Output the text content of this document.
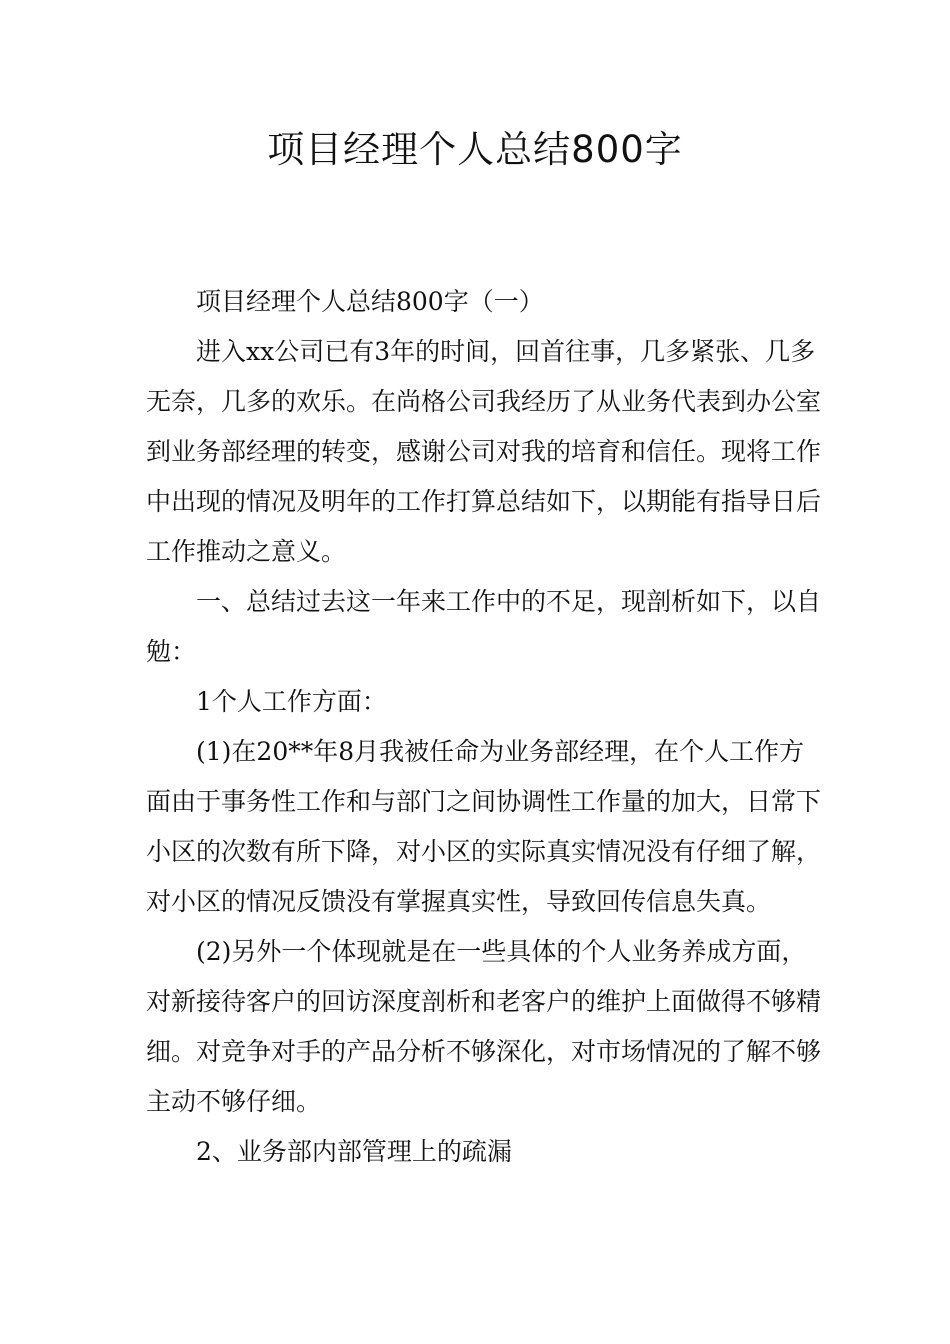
项目经理个人总结800字

项目经理个人总结800字（一）

进入xx公司已有3年的时间，回首往事，几多紧张、几多无奈，几多的欢乐。在尚格公司我经历了从业务代表到办公室到业务部经理的转变，感谢公司对我的培育和信任。现将工作中出现的情况及明年的工作打算总结如下，以期能有指导日后工作推动之意义。

一、总结过去这一年来工作中的不足，现剖析如下，以自勉：

1个人工作方面：

(1)在20**年8月我被任命为业务部经理，在个人工作方面由于事务性工作和与部门之间协调性工作量的加大，日常下小区的次数有所下降，对小区的实际真实情况没有仔细了解，对小区的情况反馈没有掌握真实性，导致回传信息失真。

(2)另外一个体现就是在一些具体的个人业务养成方面，对新接待客户的回访深度剖析和老客户的维护上面做得不够精细。对竞争对手的产品分析不够深化，对市场情况的了解不够主动不够仔细。

2、业务部内部管理上的疏漏
